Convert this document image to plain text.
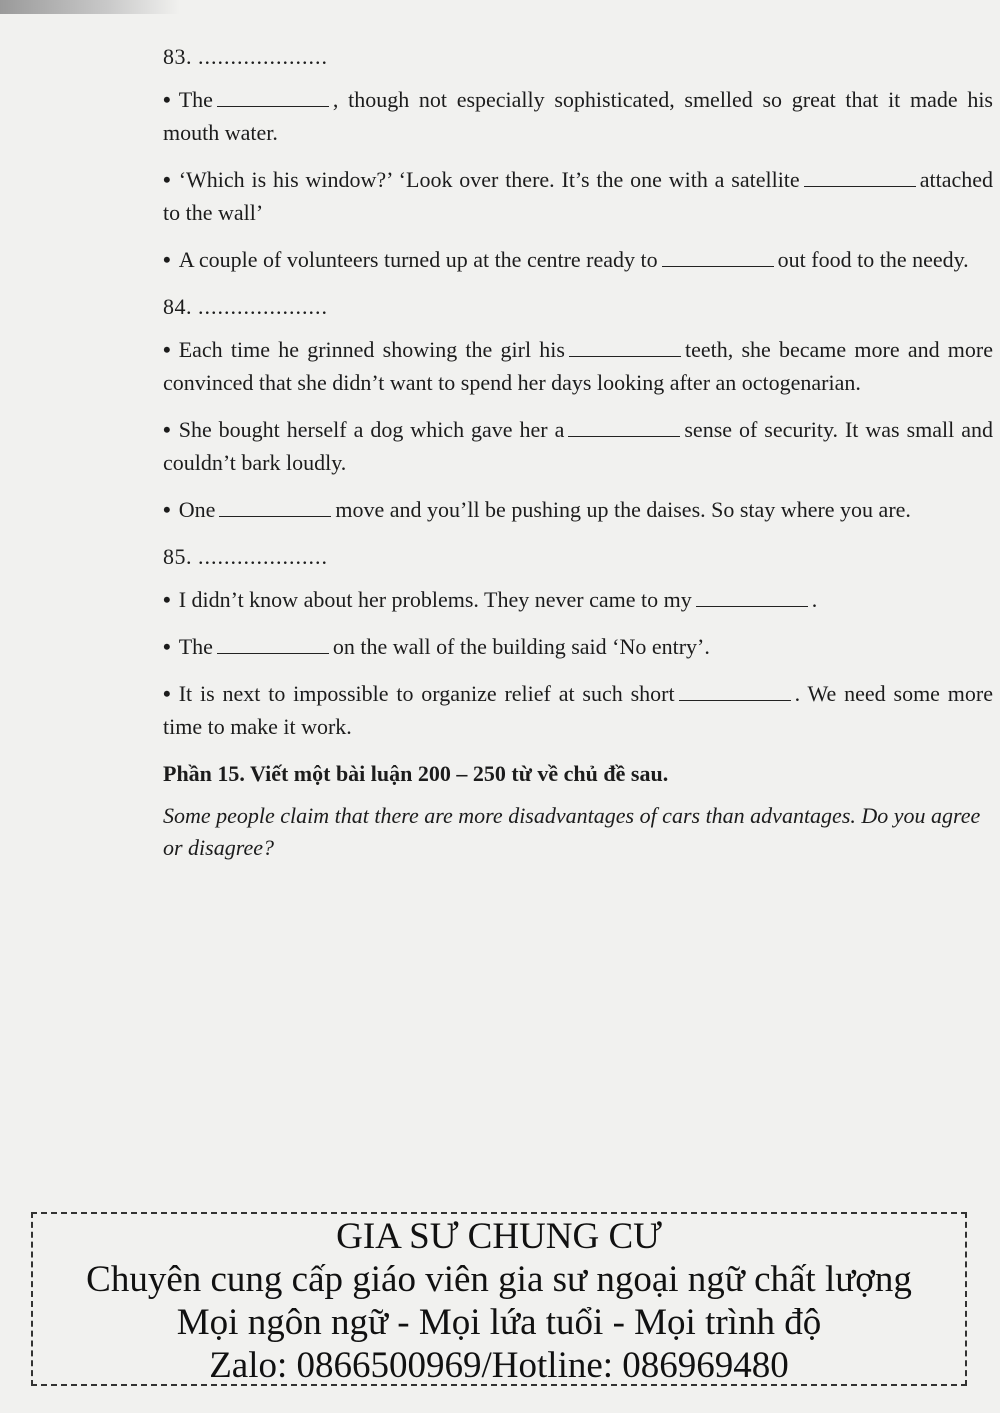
83. ....................

• The	, though not especially sophisticated, smelled so great that it made his mouth water.

• ‘Which is his window?’ ‘Look over there. It’s the one with a satellite	attached to the wall’

• A couple of volunteers turned up at the centre ready to	out food to the needy.

84. ....................

• Each time he grinned showing the girl his	teeth, she became more and more convinced that she didn’t want to spend her days looking after an octogenarian.

• She bought herself a dog which gave her a	sense of security. It was small and couldn’t bark loudly.

• One	move and you’ll be pushing up the daises. So stay where you are.

85. ....................

• I didn’t know about her problems. They never came to my	.

• The	on the wall of the building said ‘No entry’.

• It is next to impossible to organize relief at such short	. We need some more time to make it work.

Phần 15. Viết một bài luận 200 – 250 từ về chủ đề sau.
Some people claim that there are more disadvantages of cars than advantages. Do you agree or disagree?
GIA SƯ CHUNG CƯ
Chuyên cung cấp giáo viên gia sư ngoại ngữ chất lượng
Mọi ngôn ngữ - Mọi lứa tuổi - Mọi trình độ
Zalo: 0866500969/Hotline: 086969480
